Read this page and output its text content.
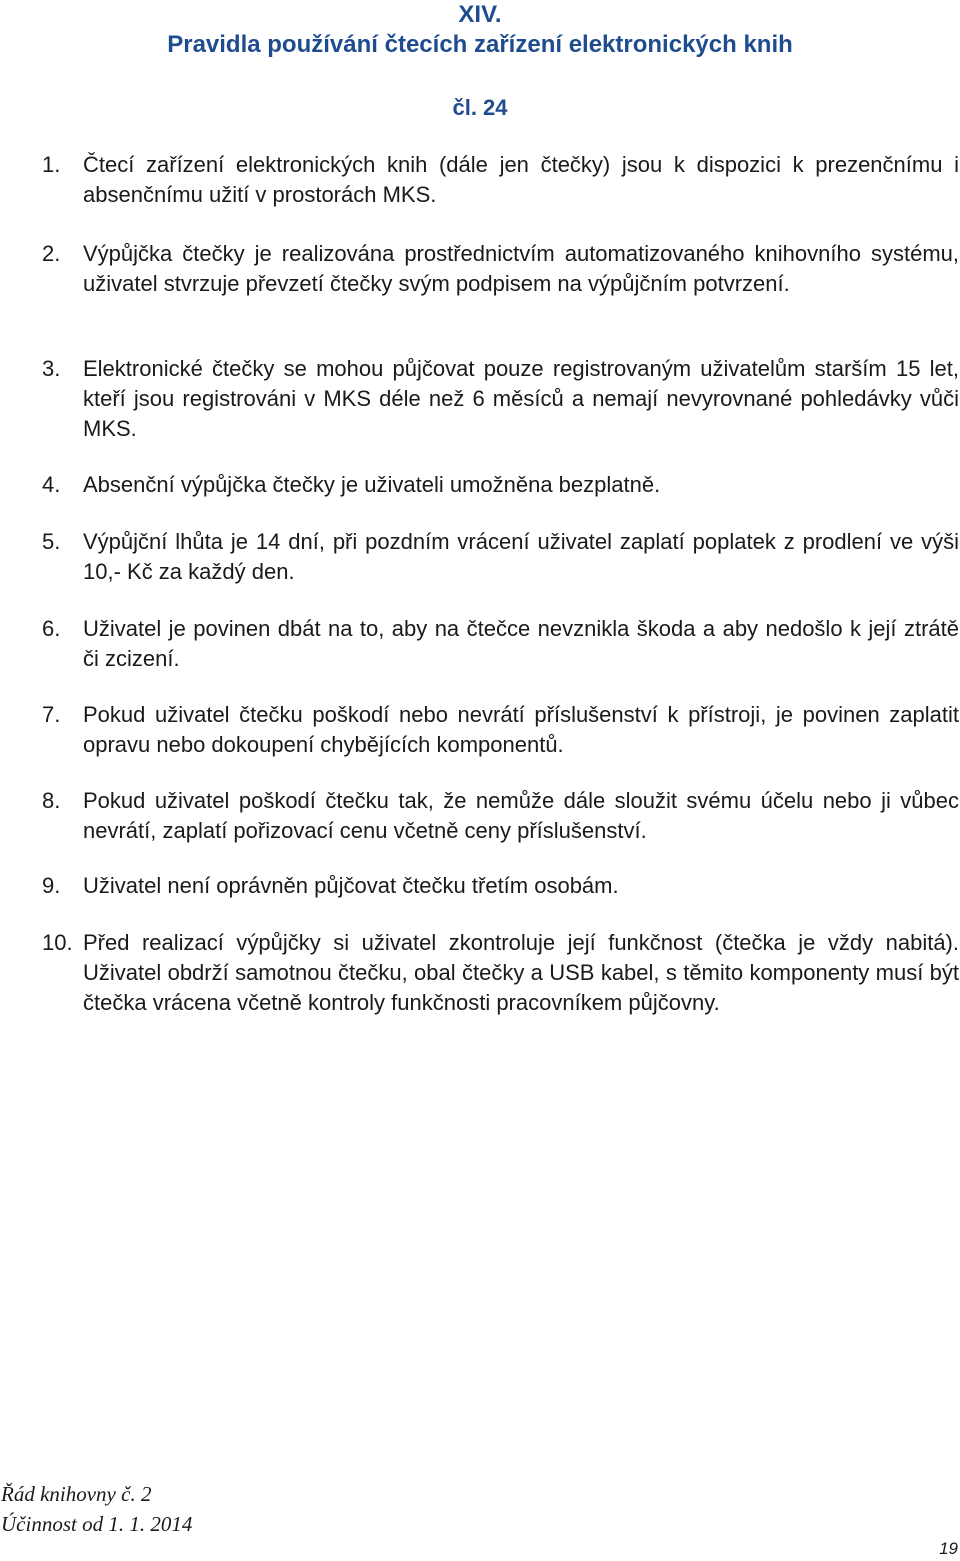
XIV.
Pravidla používání čtecích zařízení elektronických knih
čl. 24
1.	Čtecí zařízení elektronických knih (dále jen čtečky) jsou k dispozici k prezenčnímu i absenčnímu užití v prostorách MKS.
2.	Výpůjčka čtečky je realizována prostřednictvím automatizovaného knihovního systému, uživatel stvrzuje převzetí čtečky svým podpisem na výpůjčním potvrzení.
3.	Elektronické čtečky se mohou půjčovat pouze registrovaným uživatelům starším 15 let, kteří jsou registrováni v MKS déle než 6 měsíců a nemají nevyrovnané pohledávky vůči MKS.
4.	Absenční výpůjčka čtečky je uživateli umožněna bezplatně.
5.	Výpůjční lhůta je 14 dní, při pozdním vrácení uživatel zaplatí poplatek z prodlení ve výši 10,- Kč za každý den.
6.	Uživatel je povinen dbát na to, aby na čtečce nevznikla škoda a aby nedošlo k její ztrátě či zcizení.
7.	Pokud uživatel čtečku poškodí nebo nevrátí příslušenství k přístroji, je povinen zaplatit opravu nebo dokoupení chybějících komponentů.
8.	Pokud uživatel poškodí čtečku tak, že nemůže dále sloužit svému účelu nebo ji vůbec nevrátí, zaplatí pořizovací cenu včetně ceny příslušenství.
9.	Uživatel není oprávněn půjčovat čtečku třetím osobám.
10. Před realizací výpůjčky si uživatel zkontroluje její funkčnost (čtečka je vždy nabitá). Uživatel obdrží samotnou čtečku, obal čtečky a USB kabel, s těmito komponenty musí být čtečka vrácena včetně kontroly funkčnosti pracovníkem půjčovny.
Řád knihovny č. 2
Účinnost od 1. 1. 2014
19
